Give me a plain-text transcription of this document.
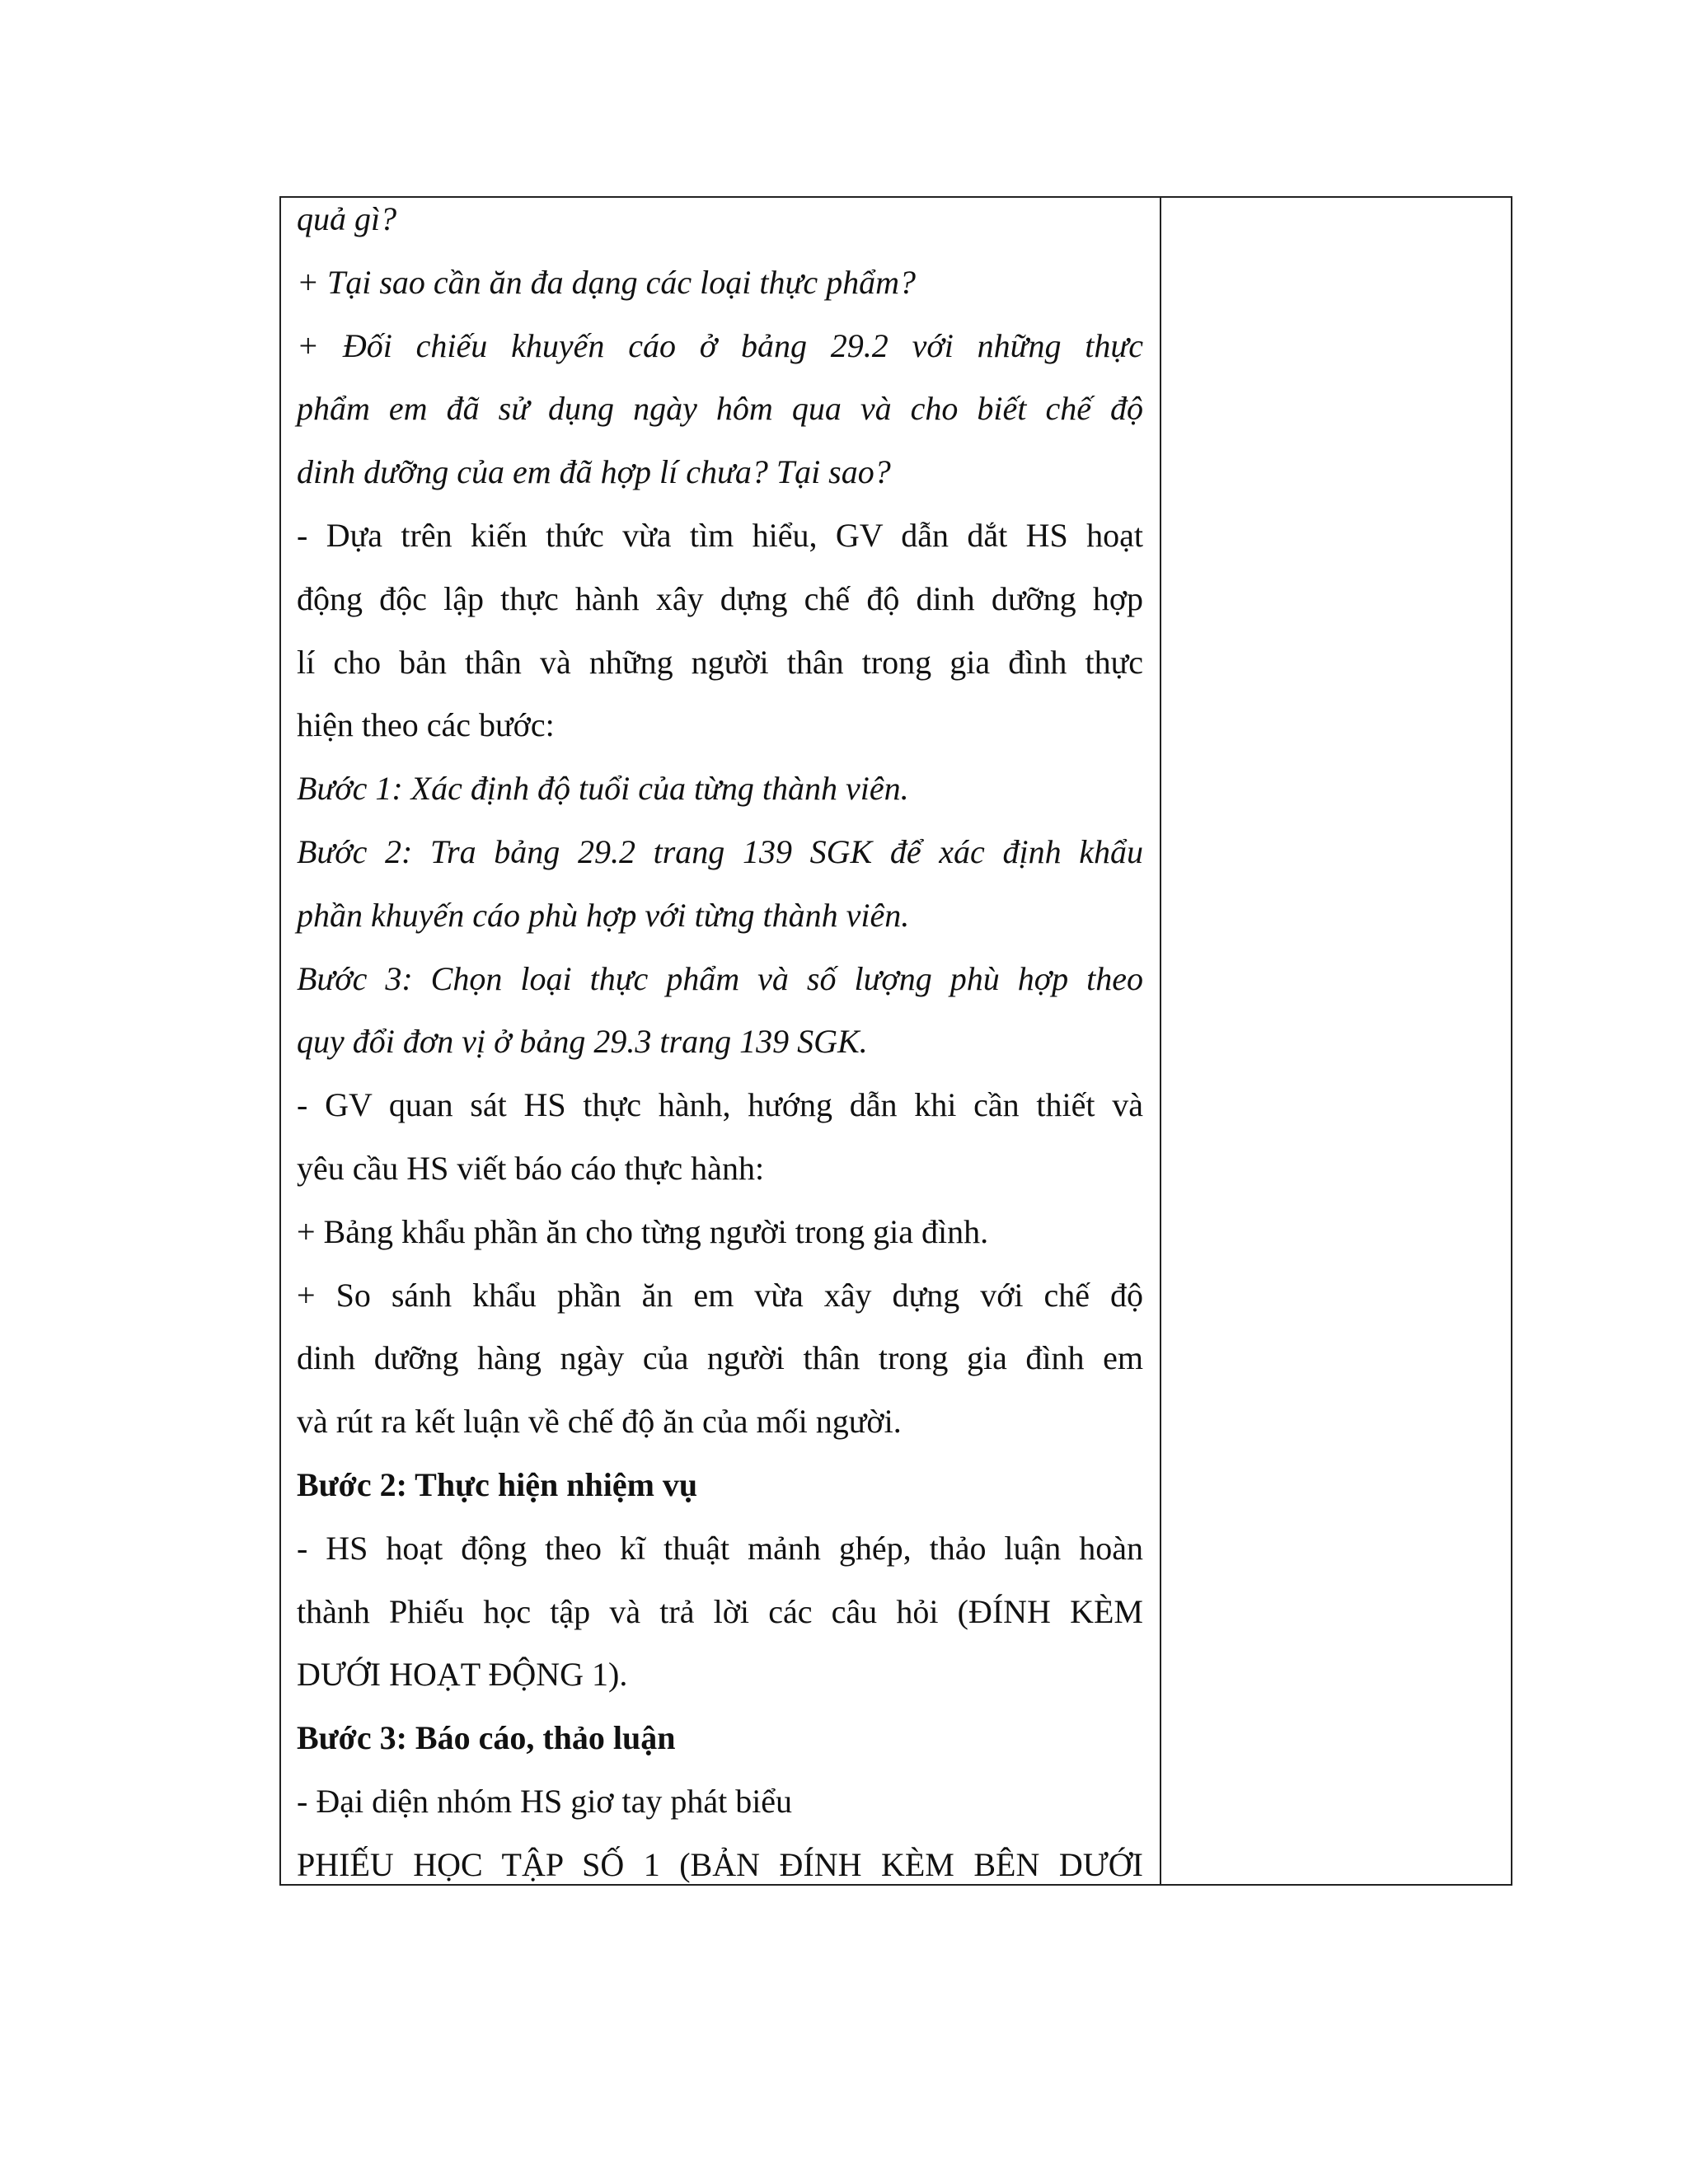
quả gì?
+ Tại sao cần ăn đa dạng các loại thực phẩm?
+ Đối chiếu khuyến cáo ở bảng 29.2 với những thực
phẩm em đã sử dụng ngày hôm qua và cho biết chế độ
dinh dưỡng của em đã hợp lí chưa? Tại sao?
- Dựa trên kiến thức vừa tìm hiểu, GV dẫn dắt HS hoạt
động độc lập thực hành xây dựng chế độ dinh dưỡng hợp
lí cho bản thân và những người thân trong gia đình thực
hiện theo các bước:
Bước 1: Xác định độ tuổi của từng thành viên.
Bước 2: Tra bảng 29.2 trang 139 SGK để xác định khẩu
phần khuyến cáo phù hợp với từng thành viên.
Bước 3: Chọn loại thực phẩm và số lượng phù hợp theo
quy đổi đơn vị ở bảng 29.3 trang 139 SGK.
- GV quan sát HS thực hành, hướng dẫn khi cần thiết và
yêu cầu HS viết báo cáo thực hành:
+ Bảng khẩu phần ăn cho từng người trong gia đình.
+ So sánh khẩu phần ăn em vừa xây dựng với chế độ
dinh dưỡng hàng ngày của người thân trong gia đình em
và rút ra kết luận về chế độ ăn của mối người.
Bước 2: Thực hiện nhiệm vụ
- HS hoạt động theo kĩ thuật mảnh ghép, thảo luận hoàn
thành Phiếu học tập và trả lời các câu hỏi (ĐÍNH KÈM
DƯỚI HOẠT ĐỘNG 1).
Bước 3: Báo cáo, thảo luận
- Đại diện nhóm HS giơ tay phát biểu
PHIẾU HỌC TẬP SỐ 1 (BẢN ĐÍNH KÈM BÊN DƯỚI
